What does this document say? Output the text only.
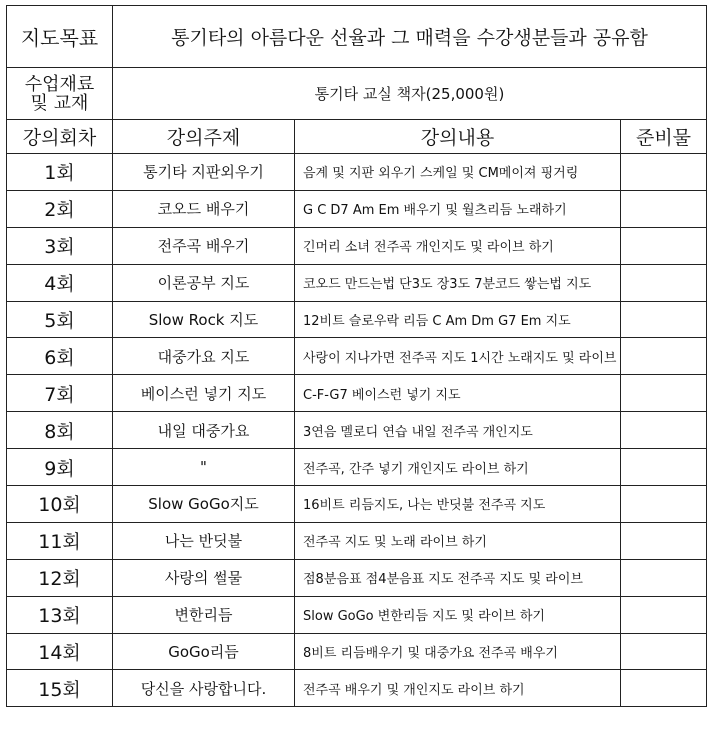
지도목표	통기타의 아름다운 선율과 그 매력을 수강생분들과 공유함		

수업재료
및 교재	통기타 교실 책자(25,000원)		
강의회차	강의주제	강의내용	준비물
1회	통기타 지판외우기	음계 및 지판 외우기 스케일 및 CM메이져 핑거링	
2회	코오드 배우기	G C D7 Am Em 배우기 및 월츠리듬 노래하기	
3회	전주곡 배우기	긴머리 소녀 전주곡 개인지도 및 라이브 하기	
4회	이론공부 지도	코오드 만드는법 단3도 장3도 7분코드 쌓는법 지도	
5회	Slow Rock 지도	12비트 슬로우락 리듬 C Am Dm G7 Em 지도	
6회	대중가요 지도	사랑이 지나가면 전주곡 지도 1시간 노래지도 및 라이브	
7회	베이스런 넣기 지도	C-F-G7 베이스런 넣기 지도	
8회	내일 대중가요	3연음 멜로디 연습 내일 전주곡 개인지도	
9회	"	전주곡, 간주 넣기 개인지도 라이브 하기	
10회	Slow GoGo지도	16비트 리듬지도, 나는 반딧불 전주곡 지도	
11회	나는 반딧불	전주곡 지도 및 노래 라이브 하기	
12회	사랑의 썰물	점8분음표 점4분음표 지도 전주곡 지도 및 라이브	
13회	변한리듬	Slow GoGo 변한리듬 지도 및 라이브 하기	
14회	GoGo리듬	8비트 리듬배우기 및 대중가요 전주곡 배우기	
15회	당신을 사랑합니다.	전주곡 배우기 및 개인지도 라이브 하기	
